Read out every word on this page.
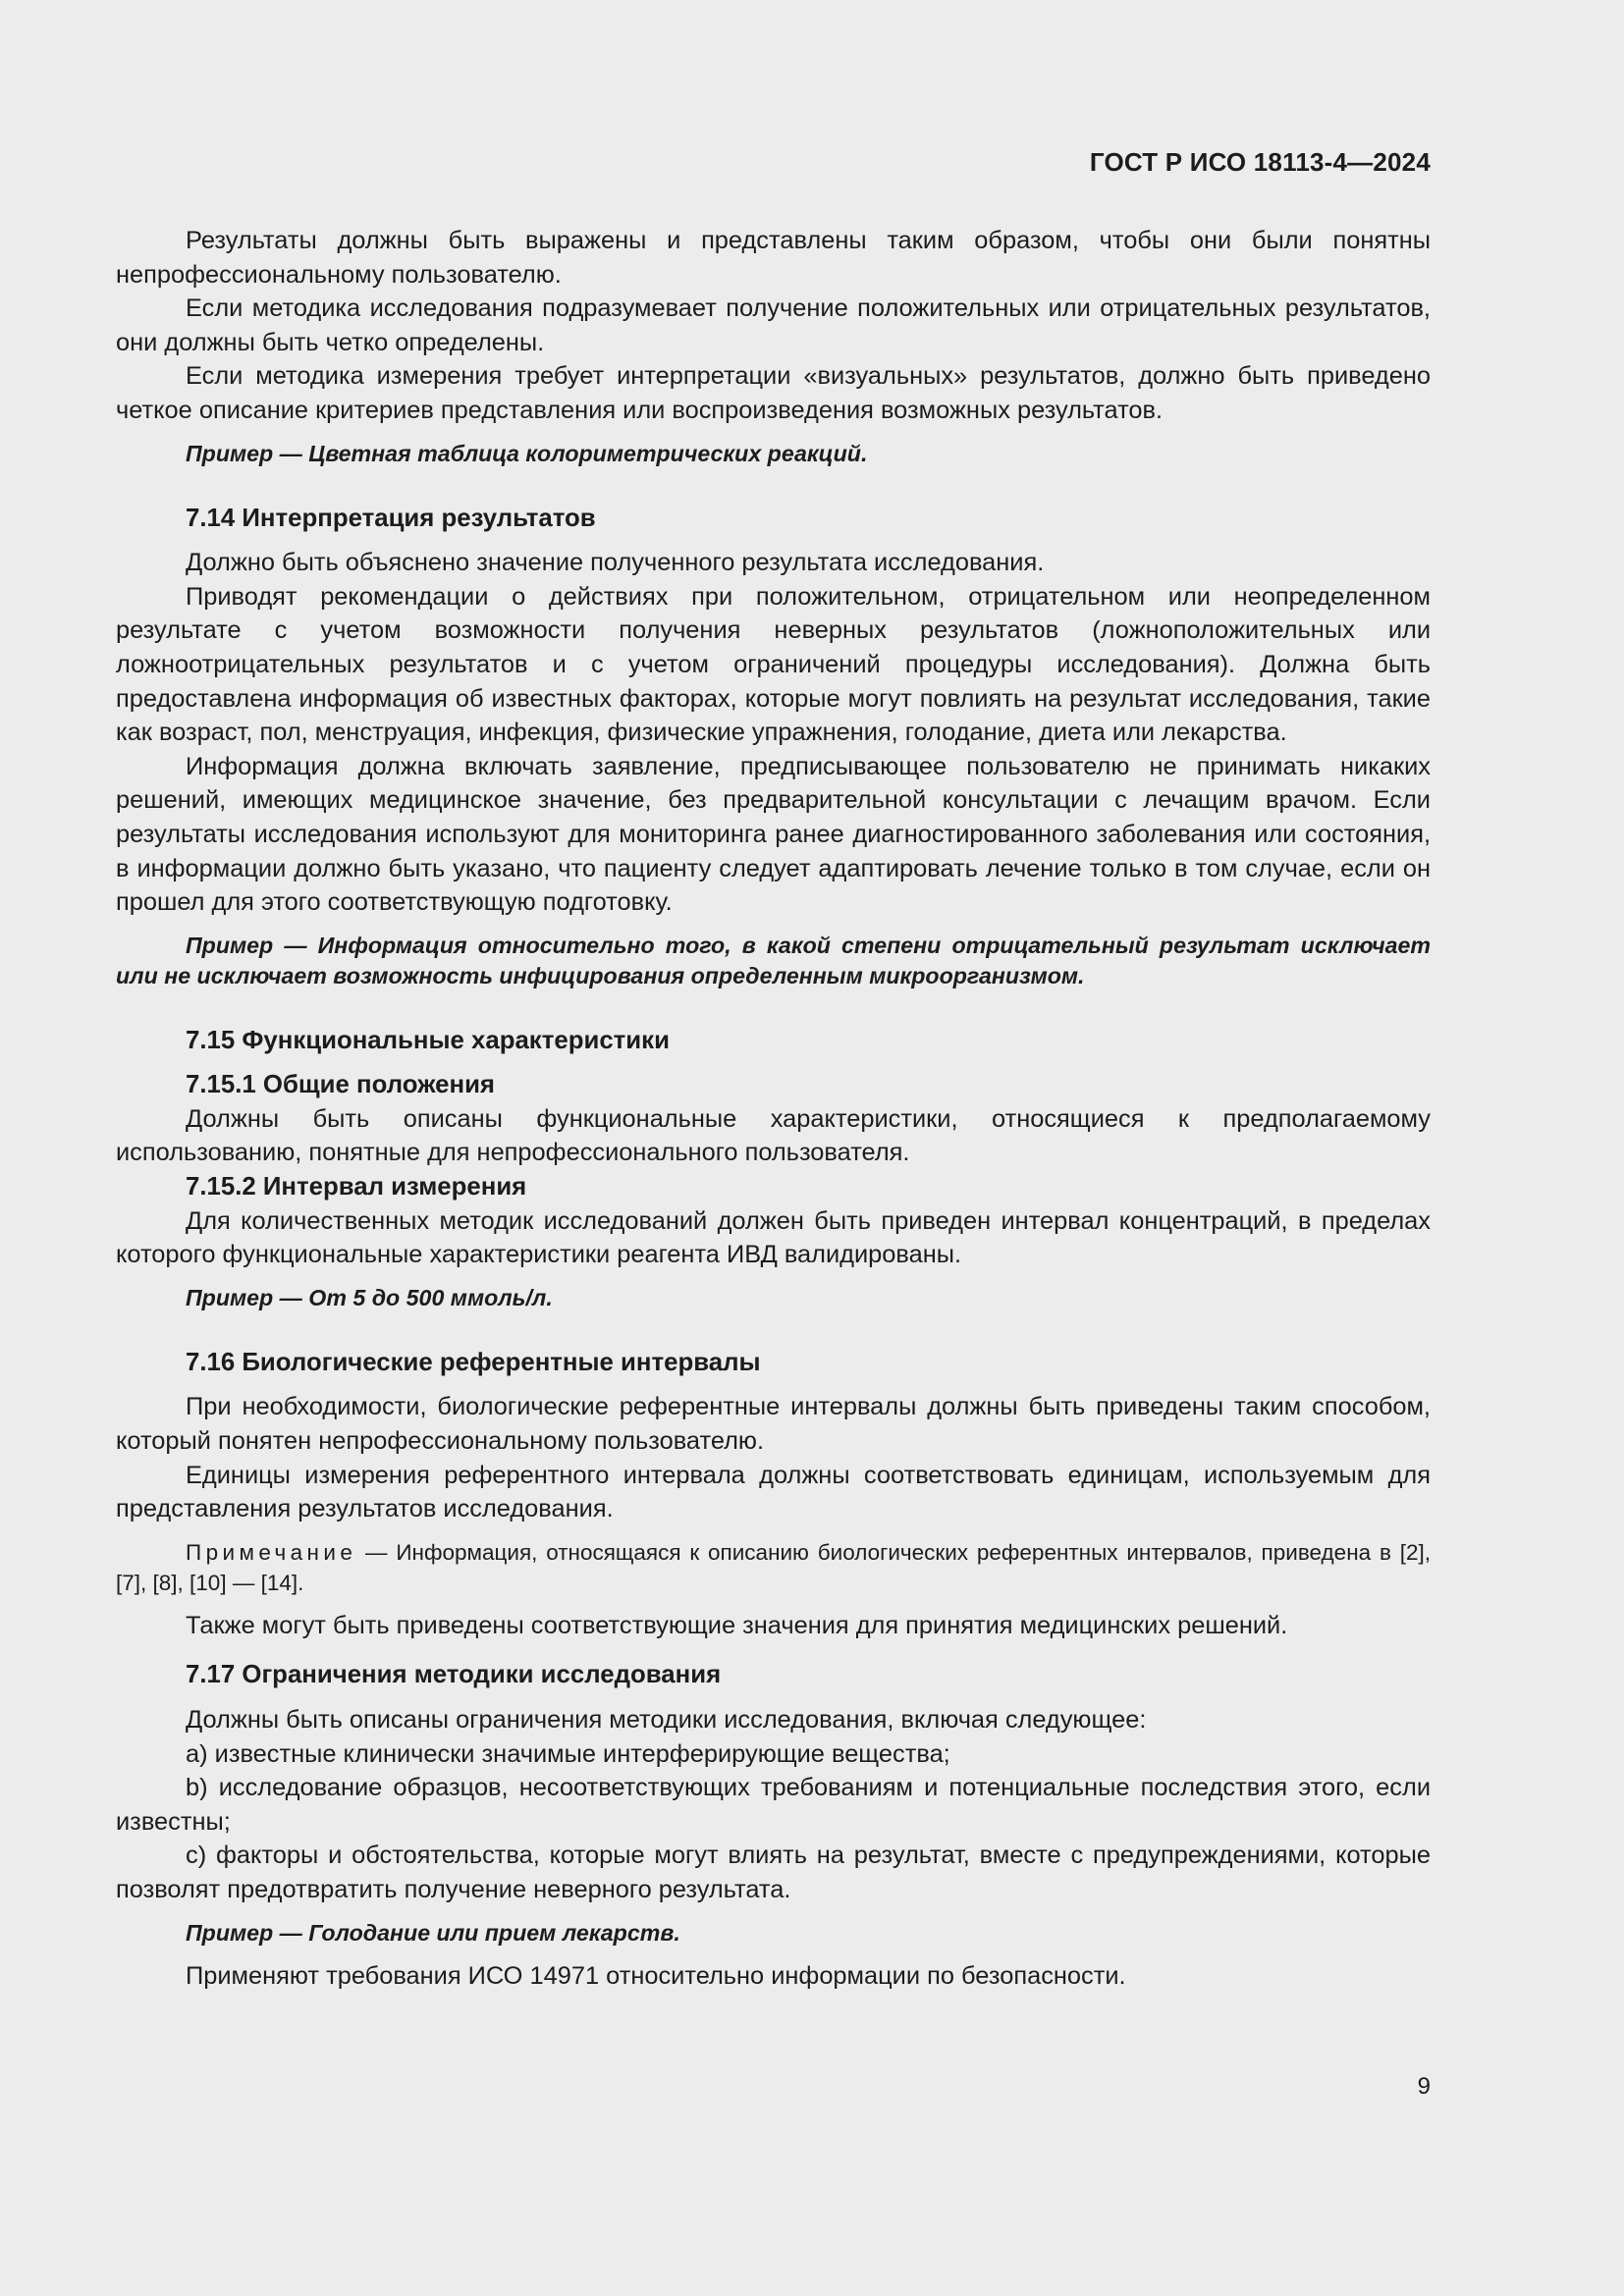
ГОСТ Р ИСО 18113-4—2024

Результаты должны быть выражены и представлены таким образом, чтобы они были понятны непрофессиональному пользователю.

Если методика исследования подразумевает получение положительных или отрицательных результатов, они должны быть четко определены.

Если методика измерения требует интерпретации «визуальных» результатов, должно быть приведено четкое описание критериев представления или воспроизведения возможных результатов.

Пример — Цветная таблица колориметрических реакций.

7.14 Интерпретация результатов

Должно быть объяснено значение полученного результата исследования.

Приводят рекомендации о действиях при положительном, отрицательном или неопределенном результате с учетом возможности получения неверных результатов (ложноположительных или ложноотрицательных результатов и с учетом ограничений процедуры исследования). Должна быть предоставлена информация об известных факторах, которые могут повлиять на результат исследования, такие как возраст, пол, менструация, инфекция, физические упражнения, голодание, диета или лекарства.

Информация должна включать заявление, предписывающее пользователю не принимать никаких решений, имеющих медицинское значение, без предварительной консультации с лечащим врачом. Если результаты исследования используют для мониторинга ранее диагностированного заболевания или состояния, в информации должно быть указано, что пациенту следует адаптировать лечение только в том случае, если он прошел для этого соответствующую подготовку.

Пример — Информация относительно того, в какой степени отрицательный результат исключает или не исключает возможность инфицирования определенным микроорганизмом.

7.15 Функциональные характеристики
7.15.1 Общие положения

Должны быть описаны функциональные характеристики, относящиеся к предполагаемому использованию, понятные для непрофессионального пользователя.

7.15.2 Интервал измерения

Для количественных методик исследований должен быть приведен интервал концентраций, в пределах которого функциональные характеристики реагента ИВД валидированы.

Пример — От 5 до 500 ммоль/л.

7.16 Биологические референтные интервалы

При необходимости, биологические референтные интервалы должны быть приведены таким способом, который понятен непрофессиональному пользователю.

Единицы измерения референтного интервала должны соответствовать единицам, используемым для представления результатов исследования.

Примечание — Информация, относящаяся к описанию биологических референтных интервалов, приведена в [2], [7], [8], [10] — [14].

Также могут быть приведены соответствующие значения для принятия медицинских решений.

7.17 Ограничения методики исследования

Должны быть описаны ограничения методики исследования, включая следующее:

a) известные клинически значимые интерферирующие вещества;

b) исследование образцов, несоответствующих требованиям и потенциальные последствия этого, если известны;

c) факторы и обстоятельства, которые могут влиять на результат, вместе с предупреждениями, которые позволят предотвратить получение неверного результата.

Пример — Голодание или прием лекарств.

Применяют требования ИСО 14971 относительно информации по безопасности.

9
